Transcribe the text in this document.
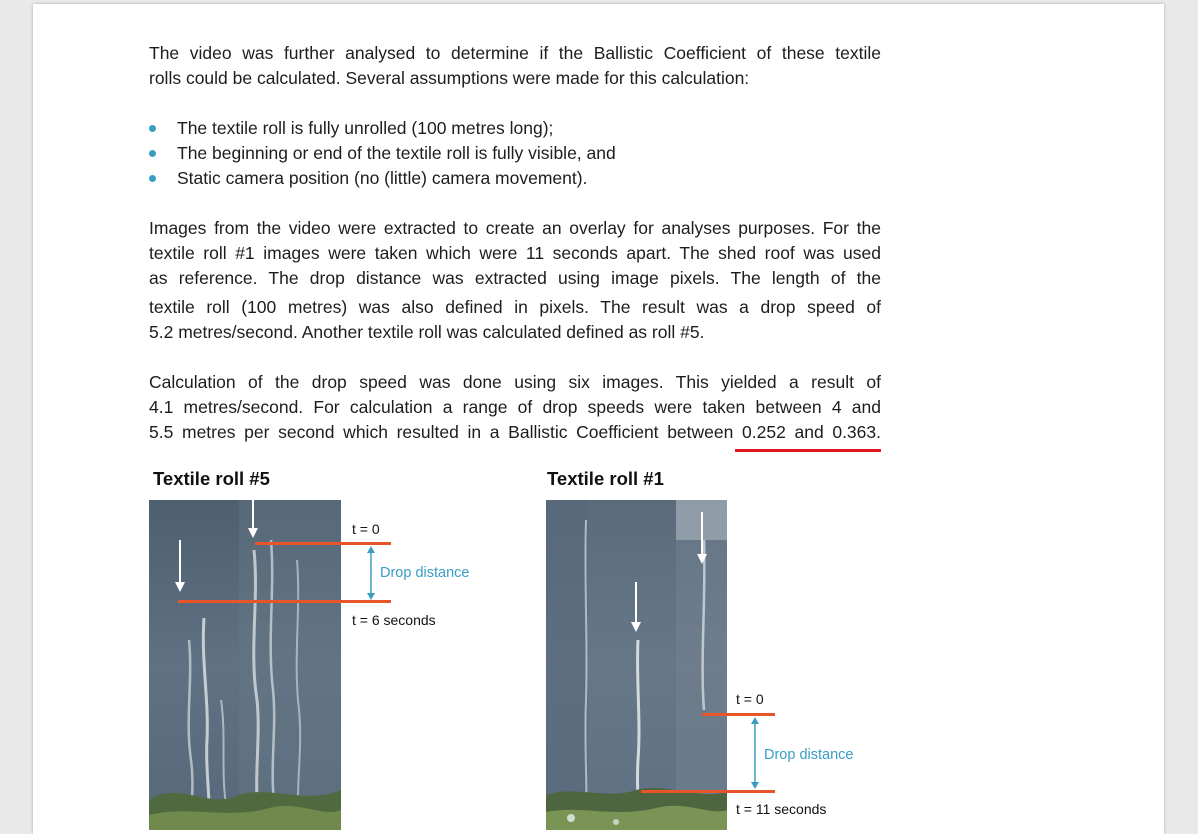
The video was further analysed to determine if the Ballistic Coefficient of these textile
rolls could be calculated. Several assumptions were made for this calculation:

The textile roll is fully unrolled (100 metres long);
The beginning or end of the textile roll is fully visible, and
Static camera position (no (little) camera movement).

Images from the video were extracted to create an overlay for analyses purposes. For the
textile roll #1 images were taken which were 11 seconds apart. The shed roof was used
as reference. The drop distance was extracted using image pixels. The length of the
textile roll (100 metres) was also defined in pixels. The result was a drop speed of
5.2 metres/second. Another textile roll was calculated defined as roll #5.

Calculation of the drop speed was done using six images. This yielded a result of
4.1 metres/second. For calculation a range of drop speeds were taken between 4 and
5.5 metres per second which resulted in a Ballistic Coefficient between 0.252 and 0.363.

Textile roll #5
t = 0
Drop distance
t = 6 seconds
Textile roll #1
t = 0
Drop distance
t = 11 seconds
